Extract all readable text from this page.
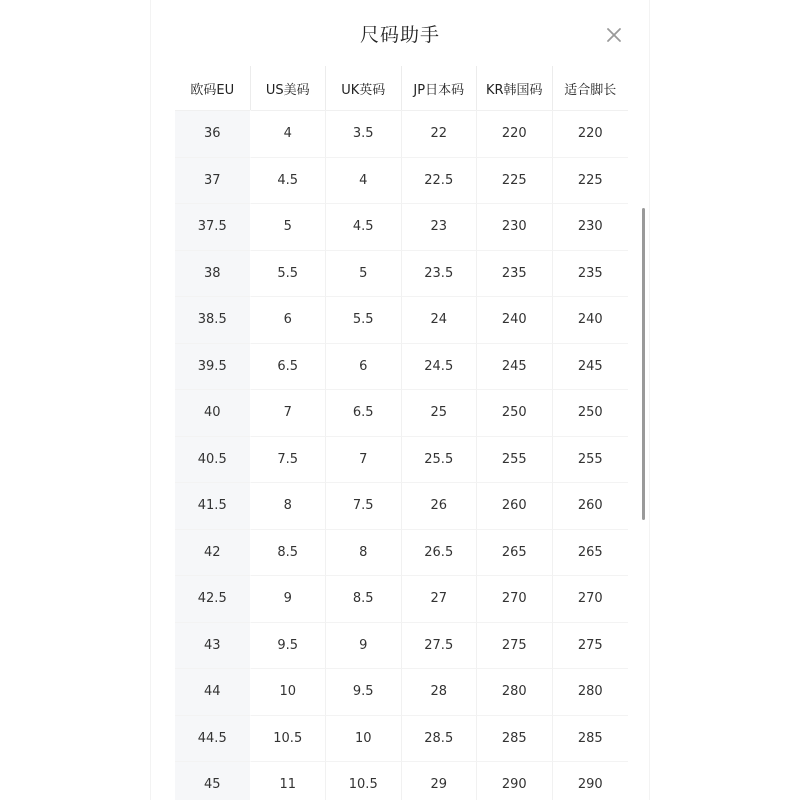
尺码助手
欧码EU	US美码	UK英码	JP日本码	KR韩国码	适合脚长
36	4	3.5	22	220	220
37	4.5	4	22.5	225	225
37.5	5	4.5	23	230	230
38	5.5	5	23.5	235	235
38.5	6	5.5	24	240	240
39.5	6.5	6	24.5	245	245
40	7	6.5	25	250	250
40.5	7.5	7	25.5	255	255
41.5	8	7.5	26	260	260
42	8.5	8	26.5	265	265
42.5	9	8.5	27	270	270
43	9.5	9	27.5	275	275
44	10	9.5	28	280	280
44.5	10.5	10	28.5	285	285
45	11	10.5	29	290	290
